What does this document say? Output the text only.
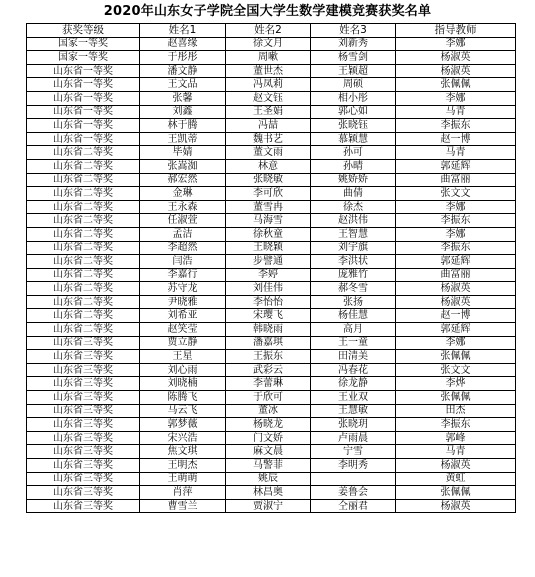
2020年山东女子学院全国大学生数学建模竞赛获奖名单
获奖等级	姓名1	姓名2	姓名3	指导教师
国家一等奖	赵喜缘	徐文月	刘新秀	李娜
国家一等奖	于彤彤	周嗽	杨雪剑	杨淑英
山东省一等奖	潘文静	董世杰	王颖超	杨淑英
山东省一等奖	王文品	冯凤莉	周硕	张佩佩
山东省一等奖	张馨	赵文钰	相小彤	李娜
山东省一等奖	刘鑫	王圣娟	郭心如	马青
山东省一等奖	林于腾	冯喆	张晓钰	李振东
山东省一等奖	王凯蒂	魏书艺	慕颖慧	赵一博
山东省二等奖	毕婧	董文雨	孙可	马青
山东省二等奖	张嵩洳	林意	孙晴	郭延辉
山东省二等奖	郝宏然	张晓敏	姚娇娇	曲富丽
山东省二等奖	金琳	李可欣	曲倩	张文文
山东省二等奖	王永森	董雪冉	徐杰	李娜
山东省二等奖	任淑萱	马海雪	赵洪伟	李振东
山东省二等奖	孟洁	徐秋童	王智慧	李娜
山东省二等奖	李超然	王晓颖	刘宇旗	李振东
山东省二等奖	闫浩	步譬通	李洪状	郭延辉
山东省二等奖	李嘉行	李婷	庞雅竹	曲富丽
山东省二等奖	苏守龙	刘佳伟	郝冬雪	杨淑英
山东省二等奖	尹晓雅	李怡怡	张扬	杨淑英
山东省二等奖	刘希亚	宋璎飞	杨佳慧	赵一博
山东省二等奖	赵笑莹	韩晓雨	高月	郭延辉
山东省三等奖	贾立静	潘嘉琪	王一童	李娜
山东省三等奖	王星	王振东	田清美	张佩佩
山东省三等奖	刘心雨	武彩云	冯春花	张文文
山东省三等奖	刘晓楠	李蕾琳	徐龙静	李烨
山东省三等奖	陈腾飞	于欣可	王业双	张佩佩
山东省三等奖	马云飞	董冰	王慧敏	田杰
山东省三等奖	郭梦薇	杨晓龙	张晓玥	李振东
山东省三等奖	宋兴浩	门文娇	卢雨晨	郭峰
山东省三等奖	焦文琪	麻文晨	宁雪	马青
山东省三等奖	王明杰	马警菲	李明秀	杨淑英
山东省三等奖	王萌萌	姚辰		黄虹
山东省三等奖	肖萍	林昌奥	姜鲁会	张佩佩
山东省三等奖	曹雪兰	贾淑宁	仝丽君	杨淑英
